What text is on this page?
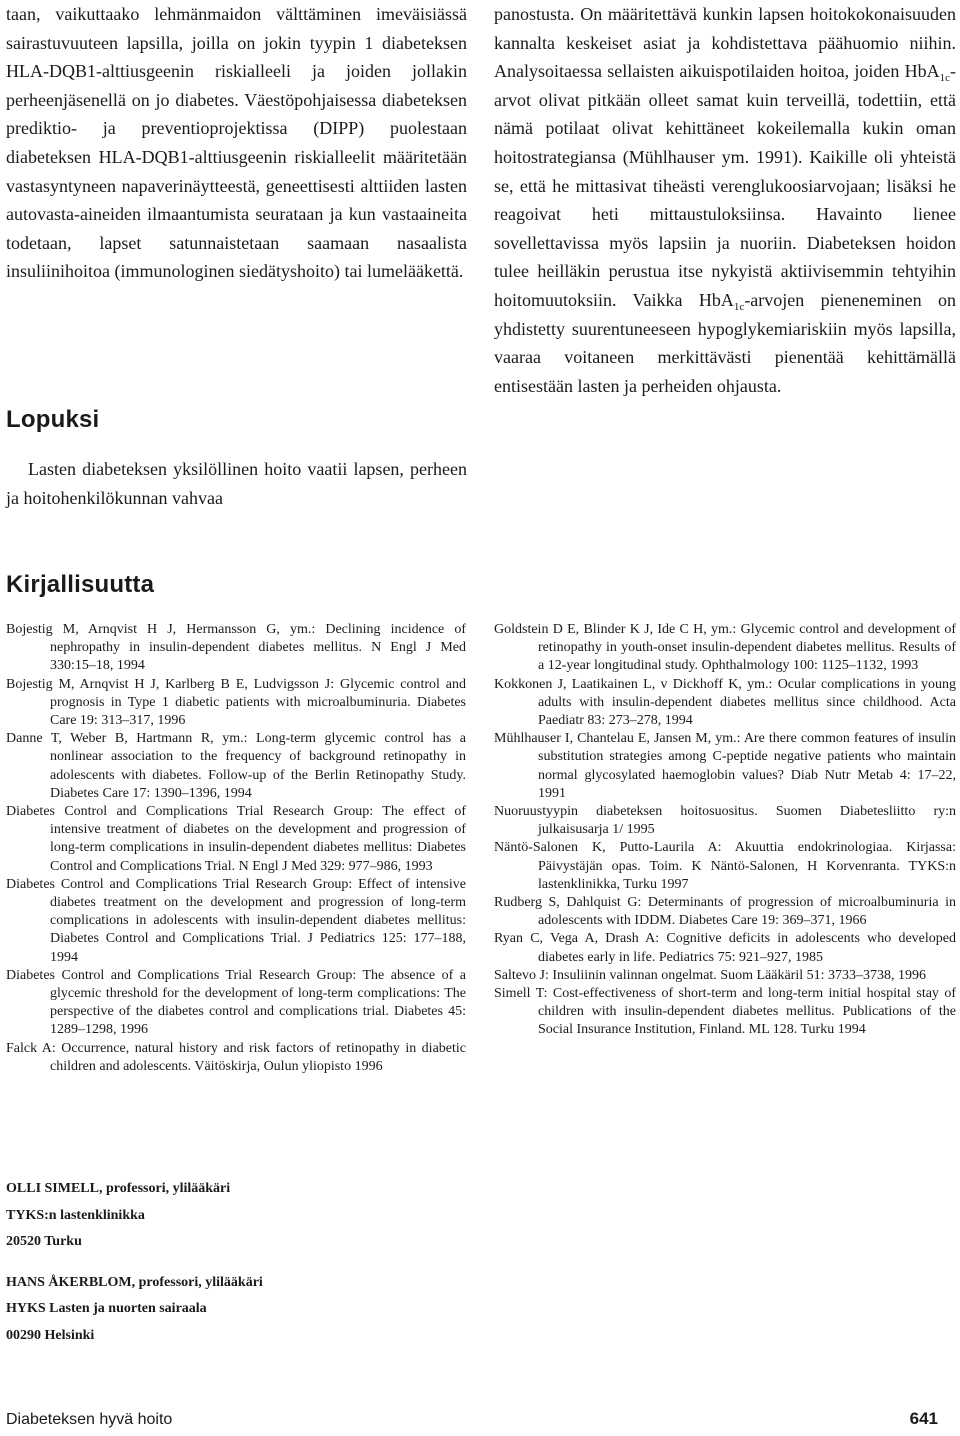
taan, vaikuttaako lehmänmaidon välttäminen imeväisiässä sairastuvuuteen lapsilla, joilla on jokin tyypin 1 diabeteksen HLA-DQB1-alttiusgeenin riskialleeli ja joiden jollakin perheenjäsenellä on jo diabetes. Väestöpohjaisessa diabeteksen prediktio- ja preventioprojektissa (DIPP) puolestaan diabeteksen HLA-DQB1-alttiusgeenin riskialleelit määritetään vastasyntyneen napaverinäytteestä, geneettisesti alttiiden lasten autovasta-aineiden ilmaantumista seurataan ja kun vastaaineita todetaan, lapset satunnaistetaan saamaan nasaalista insuliinihoitoa (immunologinen siedätyshoito) tai lumelääkettä.

Lopuksi

Lasten diabeteksen yksilöllinen hoito vaatii lapsen, perheen ja hoitohenkilökunnan vahvaa

panostusta. On määritettävä kunkin lapsen hoitokokonaisuuden kannalta keskeiset asiat ja kohdistettava päähuomio niihin. Analysoitaessa sellaisten aikuispotilaiden hoitoa, joiden HbA$_{1c}$-arvot olivat pitkään olleet samat kuin terveillä, todettiin, että nämä potilaat olivat kehittäneet kokeilemalla kukin oman hoitostrategiansa (Mühlhauser ym. 1991). Kaikille oli yhteistä se, että he mittasivat tiheästi verenglukoosiarvojaan; lisäksi he reagoivat heti mittaustuloksiinsa. Havainto lienee sovellettavissa myös lapsiin ja nuoriin. Diabeteksen hoidon tulee heilläkin perustua itse nykyistä aktiivisemmin tehtyihin hoitomuutoksiin. Vaikka HbA$_{1c}$-arvojen pieneneminen on yhdistetty suurentuneeseen hypoglykemiariskiin myös lapsilla, vaaraa voitaneen merkittävästi pienentää kehittämällä entisestään lasten ja perheiden ohjausta.

Kirjallisuutta

Bojestig M, Arnqvist H J, Hermansson G, ym.: Declining incidence of nephropathy in insulin-dependent diabetes mellitus. N Engl J Med 330:15–18, 1994

Bojestig M, Arnqvist H J, Karlberg B E, Ludvigsson J: Glycemic control and prognosis in Type 1 diabetic patients with microalbuminuria. Diabetes Care 19: 313–317, 1996

Danne T, Weber B, Hartmann R, ym.: Long-term glycemic control has a nonlinear association to the frequency of background retinopathy in adolescents with diabetes. Follow-up of the Berlin Retinopathy Study. Diabetes Care 17: 1390–1396, 1994

Diabetes Control and Complications Trial Research Group: The effect of intensive treatment of diabetes on the development and progression of long-term complications in insulin-dependent diabetes mellitus: Diabetes Control and Complications Trial. N Engl J Med 329: 977–986, 1993

Diabetes Control and Complications Trial Research Group: Effect of intensive diabetes treatment on the development and progression of long-term complications in adolescents with insulin-dependent diabetes mellitus: Diabetes Control and Complications Trial. J Pediatrics 125: 177–188, 1994

Diabetes Control and Complications Trial Research Group: The absence of a glycemic threshold for the development of long-term complications: The perspective of the diabetes control and complications trial. Diabetes 45: 1289–1298, 1996

Falck A: Occurrence, natural history and risk factors of retinopathy in diabetic children and adolescents. Väitöskirja, Oulun yliopisto 1996

Goldstein D E, Blinder K J, Ide C H, ym.: Glycemic control and development of retinopathy in youth-onset insulin-dependent diabetes mellitus. Results of a 12-year longitudinal study. Ophthalmology 100: 1125–1132, 1993

Kokkonen J, Laatikainen L, v Dickhoff K, ym.: Ocular complications in young adults with insulin-dependent diabetes mellitus since childhood. Acta Paediatr 83: 273–278, 1994

Mühlhauser I, Chantelau E, Jansen M, ym.: Are there common features of insulin substitution strategies among C-peptide negative patients who maintain normal glycosylated haemoglobin values? Diab Nutr Metab 4: 17–22, 1991

Nuoruustyypin diabeteksen hoitosuositus. Suomen Diabetesliitto ry:n julkaisusarja 1/ 1995

Näntö-Salonen K, Putto-Laurila A: Akuuttia endokrinologiaa. Kirjassa: Päivystäjän opas. Toim. K Näntö-Salonen, H Korvenranta. TYKS:n lastenklinikka, Turku 1997

Rudberg S, Dahlquist G: Determinants of progression of microalbuminuria in adolescents with IDDM. Diabetes Care 19: 369–371, 1966

Ryan C, Vega A, Drash A: Cognitive deficits in adolescents who developed diabetes early in life. Pediatrics 75: 921–927, 1985

Saltevo J: Insuliinin valinnan ongelmat. Suom Lääkäril 51: 3733–3738, 1996

Simell T: Cost-effectiveness of short-term and long-term initial hospital stay of children with insulin-dependent diabetes mellitus. Publications of the Social Insurance Institution, Finland. ML 128. Turku 1994

OLLI SIMELL, professori, ylilääkäri
TYKS:n lastenklinikka
20520 Turku
HANS ÅKERBLOM, professori, ylilääkäri
HYKS Lasten ja nuorten sairaala
00290 Helsinki
Diabeteksen hyvä hoito	641
